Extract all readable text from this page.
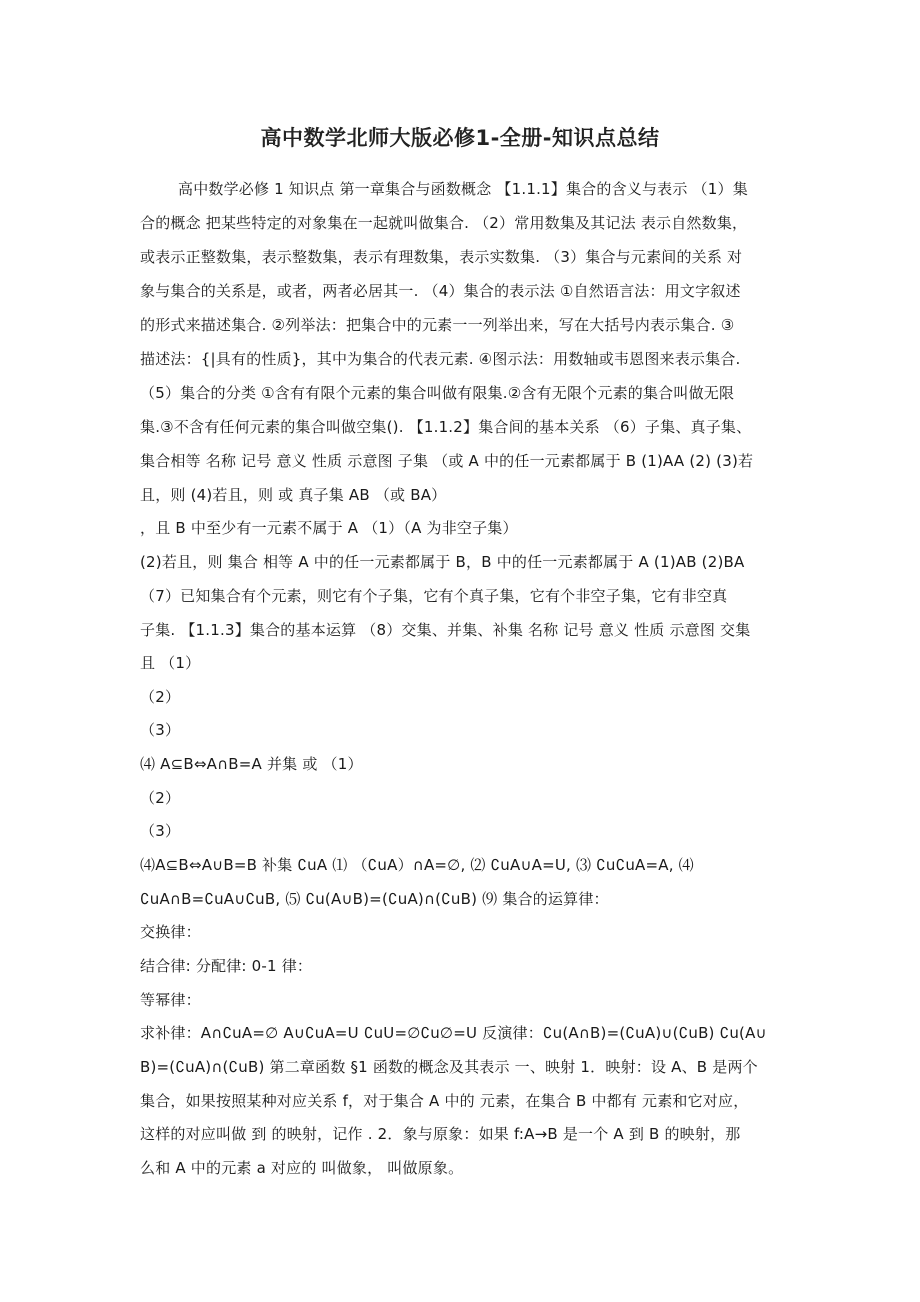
高中数学北师大版必修1-全册-知识点总结
高中数学必修 1 知识点 第一章集合与函数概念 【1.1.1】集合的含义与表示 （1）集
合的概念 把某些特定的对象集在一起就叫做集合. （2）常用数集及其记法 表示自然数集，
或表示正整数集，表示整数集，表示有理数集，表示实数集. （3）集合与元素间的关系 对
象与集合的关系是，或者，两者必居其一. （4）集合的表示法 ①自然语言法：用文字叙述
的形式来描述集合. ②列举法：把集合中的元素一一列举出来，写在大括号内表示集合. ③
描述法：{|具有的性质}，其中为集合的代表元素. ④图示法：用数轴或韦恩图来表示集合.
（5）集合的分类 ①含有有限个元素的集合叫做有限集.②含有无限个元素的集合叫做无限
集.③不含有任何元素的集合叫做空集(). 【1.1.2】集合间的基本关系 （6）子集、真子集、
集合相等 名称 记号 意义 性质 示意图 子集 （或 A 中的任一元素都属于 B (1)AA (2) (3)若
且，则 (4)若且，则 或 真子集 AB （或 BA）
，且 B 中至少有一元素不属于 A （1）（A 为非空子集）
(2)若且，则 集合 相等 A 中的任一元素都属于 B，B 中的任一元素都属于 A (1)AB (2)BA
（7）已知集合有个元素，则它有个子集，它有个真子集，它有个非空子集，它有非空真
子集. 【1.1.3】集合的基本运算 （8）交集、并集、补集 名称 记号 意义 性质 示意图 交集
且 （1）
（2）
（3）
⑷ A⊆B⇔A∩B=A 并集 或 （1）
（2）
（3）
⑷A⊆B⇔A∪B=B 补集 ∁uA ⑴ （∁uA）∩A=∅, ⑵ ∁uA∪A=U, ⑶ ∁u∁uA=A, ⑷
∁uA∩B=∁uA∪∁uB, ⑸ ∁u(A∪B)=(∁uA)∩(∁uB) ⑼ 集合的运算律：
交换律：
结合律: 分配律: 0-1 律：
等幂律：
求补律：A∩∁uA=∅ A∪∁uA=U ∁uU=∅∁u∅=U 反演律：∁u(A∩B)=(∁uA)∪(∁uB) ∁u(A∪
B)=(∁uA)∩(∁uB) 第二章函数 §1 函数的概念及其表示 一、映射 1．映射：设 A、B 是两个
集合，如果按照某种对应关系 f，对于集合 A 中的 元素，在集合 B 中都有 元素和它对应，
这样的对应叫做 到 的映射，记作 . 2．象与原象：如果 f:A→B 是一个 A 到 B 的映射，那
么和 A 中的元素 a 对应的 叫做象， 叫做原象。
